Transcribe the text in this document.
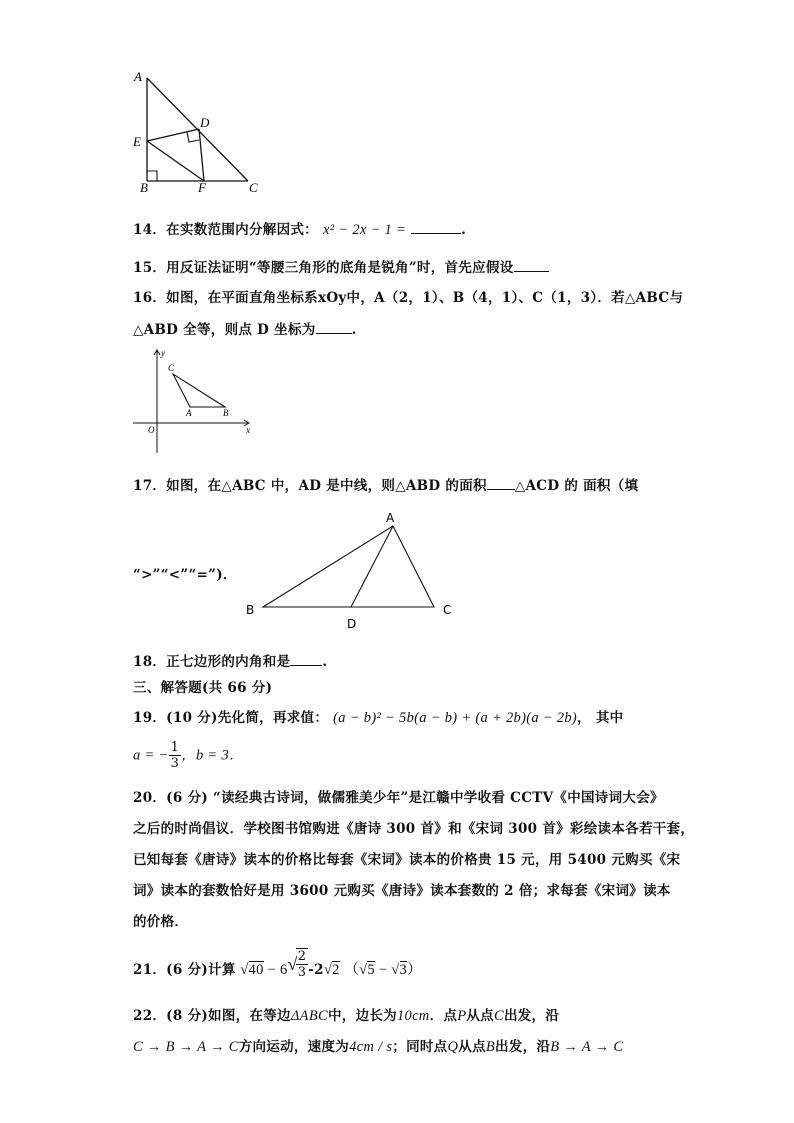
A
E
D
B	F	C
14．在实数范围内分解因式： x² − 2x − 1 =	.
15．用反证法证明“等腰三角形的底角是锐角”时，首先应假设
16．如图，在平面直角坐标系xOy中，A（2，1）、B（4，1）、C（1，3）．若△ABC与
△ABD 全等，则点 D 坐标为	.
y
x
O
C
A	B
17．如图，在△ABC 中，AD 是中线，则△ABD 的面积 △ACD 的 面积（填
A
B	C
D
“>”“<”“=”)．
18．正七边形的内角和是 .
三、解答题(共 66 分)
19．(10 分)先化简，再求值： (a − b)² − 5b(a − b) + (a + 2b)(a − 2b)， 其中
a = − $\frac{1}{3}$ ，b = 3．
20．(6 分) “读经典古诗词，做儒雅美少年”是江赣中学收看 CCTV《中国诗词大会》
之后的时尚倡议．学校图书馆购进《唐诗 300 首》和《宋词 300 首》彩绘读本各若干套，
已知每套《唐诗》读本的价格比每套《宋词》读本的价格贵 15 元，用 5400 元购买《宋
词》读本的套数恰好是用 3600 元购买《唐诗》读本套数的 2 倍；求每套《宋词》读本
的价格．
21．(6 分)计算 √40 − 6√
$\frac{2}{3} -2√2$ （√5 − √3）
22．(8 分)如图，在等边ΔABC中，边长为10cm．点P从点C出发，沿
C → B → A → C方向运动，速度为4cm / s；同时点Q从点B出发，沿B → A → C
